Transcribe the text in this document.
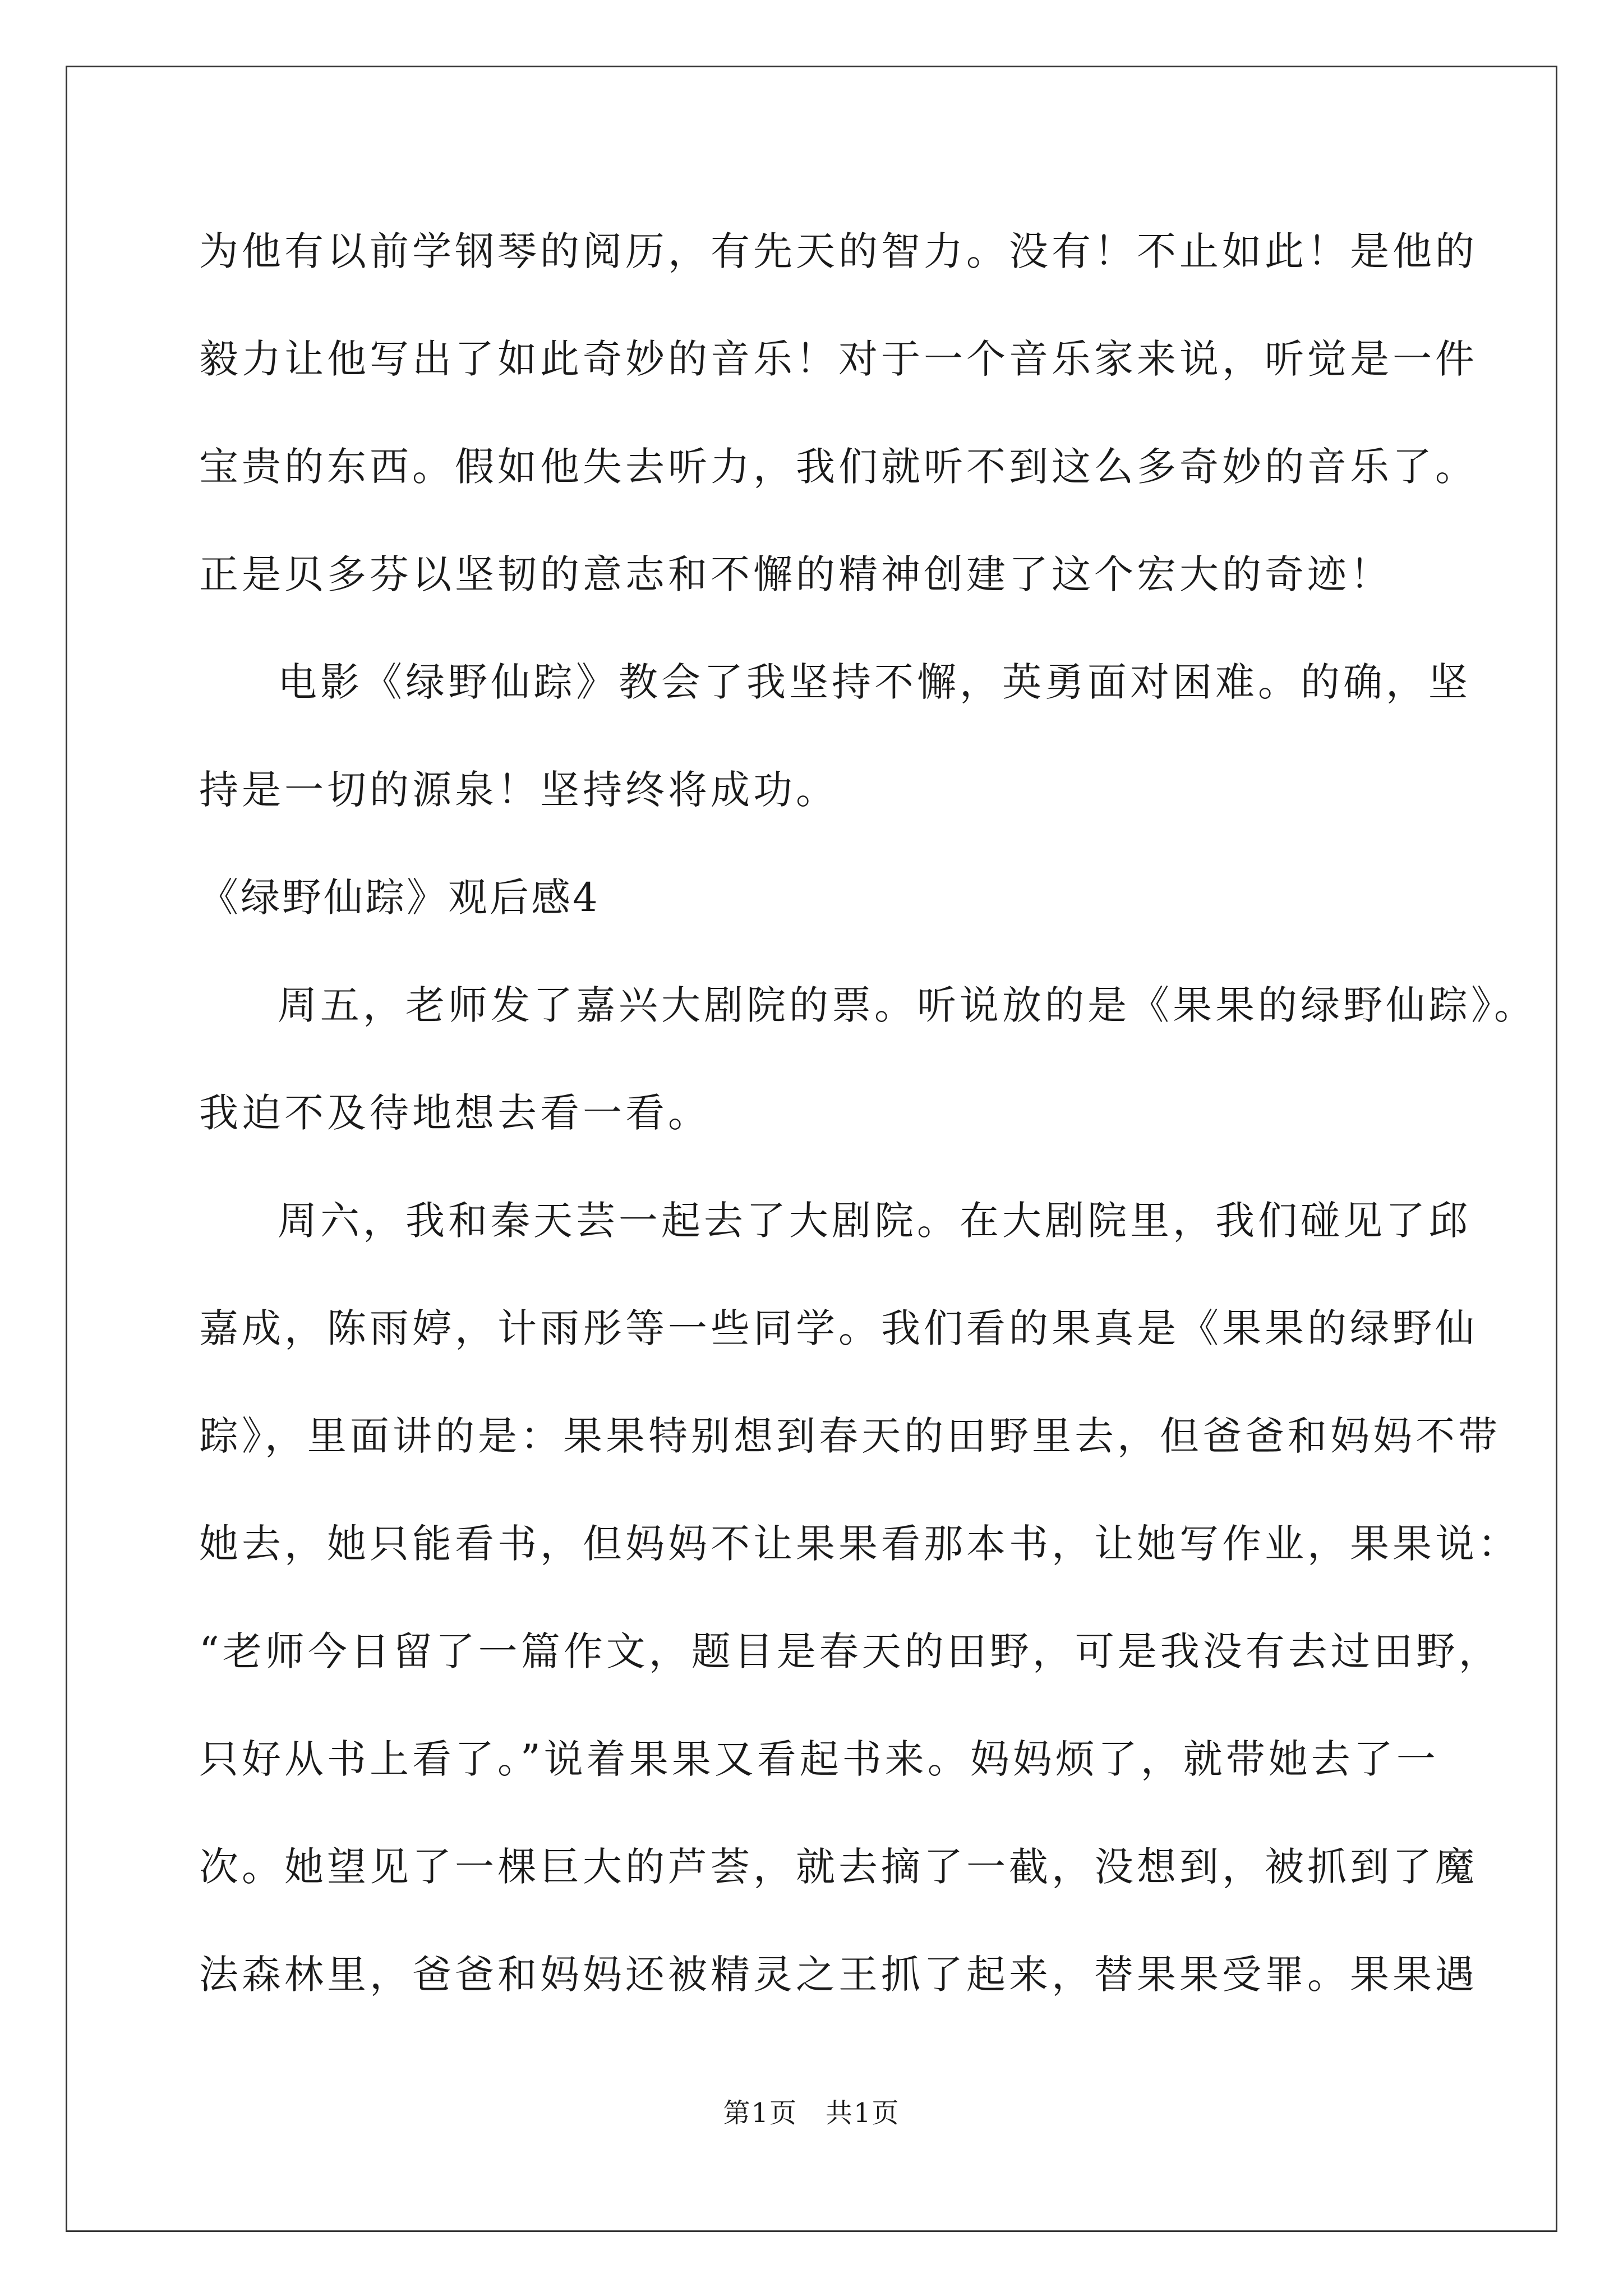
为他有以前学钢琴的阅历，有先天的智力。没有！不止如此！是他的
毅力让他写出了如此奇妙的音乐！对于一个音乐家来说，听觉是一件
宝贵的东西。假如他失去听力，我们就听不到这么多奇妙的音乐了。
正是贝多芬以坚韧的意志和不懈的精神创建了这个宏大的奇迹！
电影《绿野仙踪》教会了我坚持不懈，英勇面对困难。的确，坚
持是一切的源泉！坚持终将成功。
《绿野仙踪》观后感4
周五，老师发了嘉兴大剧院的票。听说放的是《果果的绿野仙踪》。
我迫不及待地想去看一看。
周六，我和秦天芸一起去了大剧院。在大剧院里，我们碰见了邱
嘉成，陈雨婷，计雨彤等一些同学。我们看的果真是《果果的绿野仙
踪》，里面讲的是：果果特别想到春天的田野里去，但爸爸和妈妈不带
她去，她只能看书，但妈妈不让果果看那本书，让她写作业，果果说：
“老师今日留了一篇作文，题目是春天的田野，可是我没有去过田野，
只好从书上看了。”说着果果又看起书来。妈妈烦了，就带她去了一
次。她望见了一棵巨大的芦荟，就去摘了一截，没想到，被抓到了魔
法森林里，爸爸和妈妈还被精灵之王抓了起来，替果果受罪。果果遇
第1页 共1页
